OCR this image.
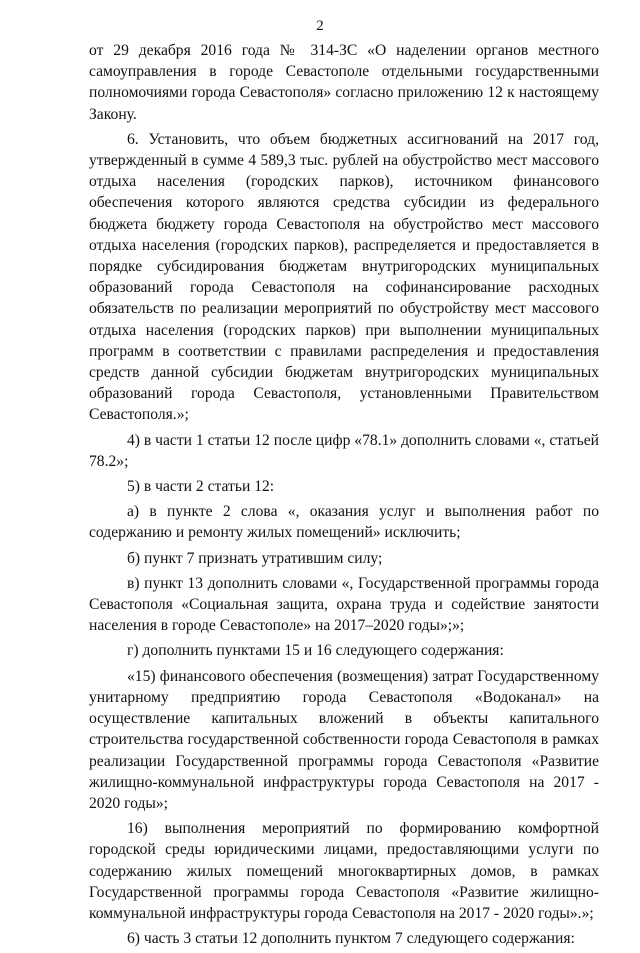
2

от 29 декабря 2016 года № 314-ЗС «О наделении органов местного самоуправления в городе Севастополе отдельными государственными полномочиями города Севастополя» согласно приложению 12 к настоящему Закону.

6. Установить, что объем бюджетных ассигнований на 2017 год, утвержденный в сумме 4 589,3 тыс. рублей на обустройство мест массового отдыха населения (городских парков), источником финансового обеспечения которого являются средства субсидии из федерального бюджета бюджету города Севастополя на обустройство мест массового отдыха населения (городских парков), распределяется и предоставляется в порядке субсидирования бюджетам внутригородских муниципальных образований города Севастополя на софинансирование расходных обязательств по реализации мероприятий по обустройству мест массового отдыха населения (городских парков) при выполнении муниципальных программ в соответствии с правилами распределения и предоставления средств данной субсидии бюджетам внутригородских муниципальных образований города Севастополя, установленными Правительством Севастополя.»;

4) в части 1 статьи 12 после цифр «78.1» дополнить словами «, статьей 78.2»;

5) в части 2 статьи 12:

а) в пункте 2 слова «, оказания услуг и выполнения работ по содержанию и ремонту жилых помещений» исключить;

б) пункт 7 признать утратившим силу;

в) пункт 13 дополнить словами «, Государственной программы города Севастополя «Социальная защита, охрана труда и содействие занятости населения в городе Севастополе» на 2017–2020 годы»;»;

г) дополнить пунктами 15 и 16 следующего содержания:

«15) финансового обеспечения (возмещения) затрат Государственному унитарному предприятию города Севастополя «Водоканал» на осуществление капитальных вложений в объекты капитального строительства государственной собственности города Севастополя в рамках реализации Государственной программы города Севастополя «Развитие жилищно-коммунальной инфраструктуры города Севастополя на 2017 - 2020 годы»;

16) выполнения мероприятий по формированию комфортной городской среды юридическими лицами, предоставляющими услуги по содержанию жилых помещений многоквартирных домов, в рамках Государственной программы города Севастополя «Развитие жилищно-коммунальной инфраструктуры города Севастополя на 2017 - 2020 годы».»;

6) часть 3 статьи 12 дополнить пунктом 7 следующего содержания:
